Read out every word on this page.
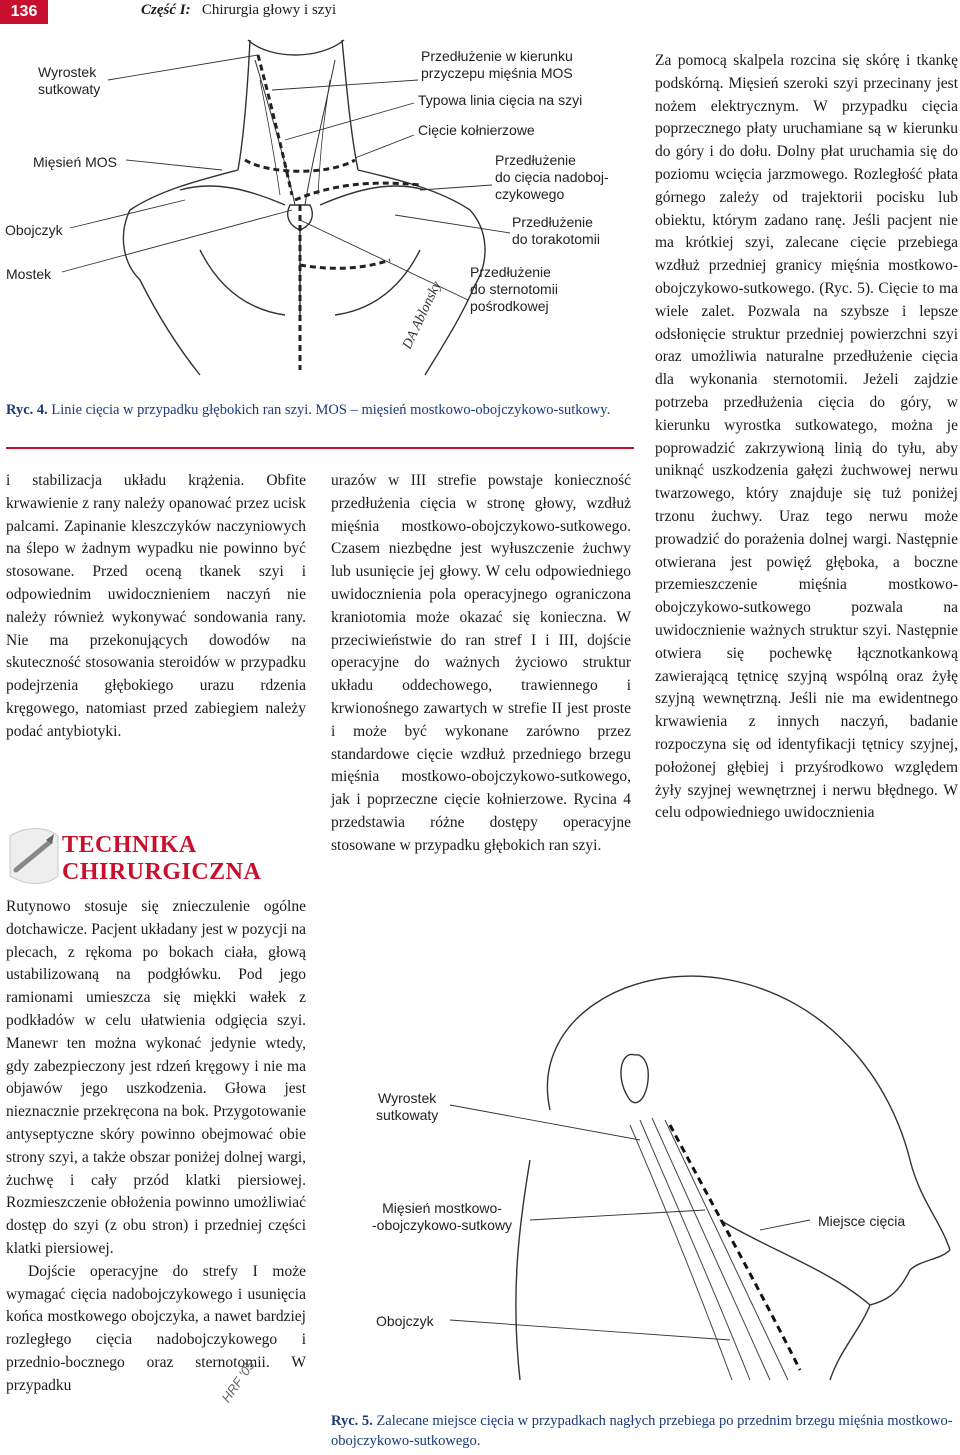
136	Część I: Chirurgia głowy i szyi
DA Ablonsky
Wyrostek
sutkowaty
Mięsień MOS
Obojczyk
Mostek
Przedłużenie w kierunku
przyczepu mięśnia MOS
Typowa linia cięcia na szyi
Cięcie kołnierzowe
Przedłużenie
do cięcia nadoboj-
czykowego
Przedłużenie
do torakotomii
Przedłużenie
do sternotomii
pośrodkowej
Ryc. 4. Linie cięcia w przypadku głębokich ran szyi. MOS – mięsień mostkowo-obojczykowo-sutkowy.

i stabilizacja układu krążenia. Obfite krwawienie z rany należy opanować przez ucisk palcami. Zapinanie kleszczyków naczyniowych na ślepo w żadnym wypadku nie powinno być stosowane. Przed oceną tkanek szyi i odpowiednim uwidocznieniem naczyń nie należy również wykonywać sondowania rany. Nie ma przekonujących dowodów na skuteczność stosowania steroidów w przypadku podejrzenia głębokiego urazu rdzenia kręgowego, natomiast przed zabiegiem należy podać antybiotyki.

TECHNIKA
CHIRURGICZNA

Rutynowo stosuje się znieczulenie ogólne dotchawicze. Pacjent układany jest w pozycji na plecach, z rękoma po bokach ciała, głową ustabilizowaną na podgłówku. Pod jego ramionami umieszcza się miękki wałek z podkładów w celu ułatwienia odgięcia szyi. Manewr ten można wykonać jedynie wtedy, gdy zabezpieczony jest rdzeń kręgowy i nie ma objawów jego uszkodzenia. Głowa jest nieznacznie przekręcona na bok. Przygotowanie antyseptyczne skóry powinno obejmować obie strony szyi, a także obszar poniżej dolnej wargi, żuchwę i cały przód klatki piersiowej. Rozmieszczenie obłożenia powinno umożliwiać dostęp do szyi (z obu stron) i przedniej części klatki piersiowej.

Dojście operacyjne do strefy I może wymagać cięcia nadobojczykowego i usunięcia końca mostkowego obojczyka, a nawet bardziej rozległego cięcia nadobojczykowego i przednio-bocznego oraz sternotomii. W przypadku

urazów w III strefie powstaje konieczność przedłużenia cięcia w stronę głowy, wzdłuż mięśnia mostkowo-obojczykowo-sutkowego. Czasem niezbędne jest wyłuszczenie żuchwy lub usunięcie jej głowy. W celu odpowiedniego uwidocznienia pola operacyjnego ograniczona kraniotomia może okazać się konieczna. W przeciwieństwie do ran stref I i III, dojście operacyjne do ważnych życiowo struktur układu oddechowego, trawiennego i krwionośnego zawartych w strefie II jest proste i może być wykonane zarówno przez standardowe cięcie wzdłuż przedniego brzegu mięśnia mostkowo-obojczykowo-sutkowego, jak i poprzeczne cięcie kołnierzowe. Rycina 4 przedstawia różne dostępy operacyjne stosowane w przypadku głębokich ran szyi.

Za pomocą skalpela rozcina się skórę i tkankę podskórną. Mięsień szeroki szyi przecinany jest nożem elektrycznym. W przypadku cięcia poprzecznego płaty uruchamiane są w kierunku do góry i do dołu. Dolny płat uruchamia się do poziomu wcięcia jarzmowego. Rozległość płata górnego zależy od trajektorii pocisku lub obiektu, którym zadano ranę. Jeśli pacjent nie ma krótkiej szyi, zalecane cięcie przebiega wzdłuż przedniej granicy mięśnia mostkowo-obojczykowo-sutkowego. (Ryc. 5). Cięcie to ma wiele zalet. Pozwala na szybsze i lepsze odsłonięcie struktur przedniej powierzchni szyi oraz umożliwia naturalne przedłużenie cięcia dla wykonania sternotomii. Jeżeli zajdzie potrzeba przedłużenia cięcia do góry, w kierunku wyrostka sutkowatego, można je poprowadzić zakrzywioną linią do tyłu, aby uniknąć uszkodzenia gałęzi żuchwowej nerwu twarzowego, który znajduje się tuż poniżej trzonu żuchwy. Uraz tego nerwu może prowadzić do porażenia dolnej wargi. Następnie otwierana jest powięź głęboka, a boczne przemieszczenie mięśnia mostkowo-obojczykowo-sutkowego pozwala na uwidocznienie ważnych struktur szyi. Następnie otwiera się pochewkę łącznotkankową zawierającą tętnicę szyjną wspólną oraz żyłę szyjną wewnętrzną. Jeśli nie ma ewidentnego krwawienia z innych naczyń, badanie rozpoczyna się od identyfikacji tętnicy szyjnej, położonej głębiej i przyśrodkowo względem żyły szyjnej wewnętrznej i nerwu błędnego. W celu odpowiedniego uwidocznienia

HRF '05
Wyrostek
sutkowaty
Mięsień mostkowo-
-obojczykowo-sutkowy
Obojczyk
Miejsce cięcia
Ryc. 5. Zalecane miejsce cięcia w przypadkach nagłych przebiega po przednim brzegu mięśnia mostkowo-obojczykowo-sutkowego.
